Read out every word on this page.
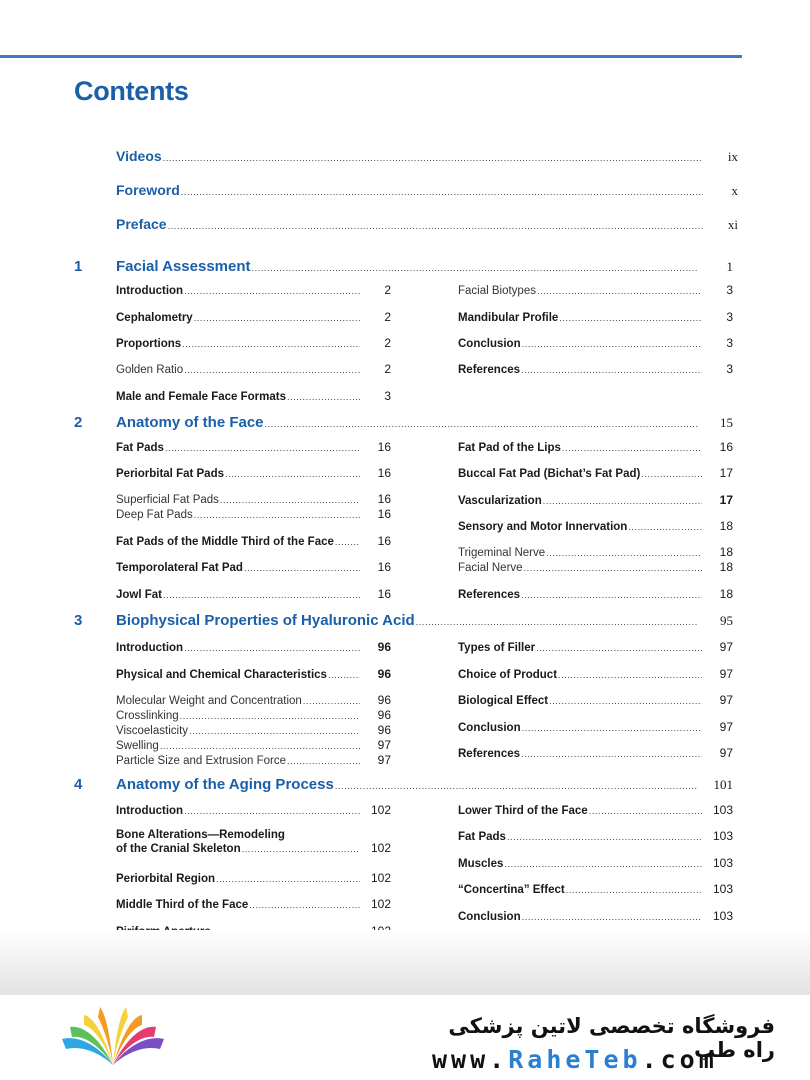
Contents
Videos .....	ix
Foreword .....	x
Preface .....	xi
1 Facial Assessment .....	1
Introduction .....	2
Cephalometry .....	2
Proportions .....	2
Golden Ratio .....	2
Male and Female Face Formats .....	3
Facial Biotypes .....	3
Mandibular Profile .....	3
Conclusion .....	3
References .....	3
2 Anatomy of the Face .....	15
Fat Pads .....	16
Periorbital Fat Pads .....	16
Superficial Fat Pads .....	16
Deep Fat Pads .....	16
Fat Pads of the Middle Third of the Face .....	16
Temporolateral Fat Pad .....	16
Jowl Fat .....	16
Fat Pad of the Lips .....	16
Buccal Fat Pad (Bichat’s Fat Pad) .....	17
Vascularization .....	17
Sensory and Motor Innervation .....	18
Trigeminal Nerve .....	18
Facial Nerve .....	18
References .....	18
3 Biophysical Properties of Hyaluronic Acid .....	95
Introduction .....	96
Physical and Chemical Characteristics .....	96
Molecular Weight and Concentration .....	96
Crosslinking .....	96
Viscoelasticity .....	96
Swelling .....	97
Particle Size and Extrusion Force .....	97
Types of Filler .....	97
Choice of Product .....	97
Biological Effect .....	97
Conclusion .....	97
References .....	97
4 Anatomy of the Aging Process .....	101
Introduction .....	102
Bone Alterations—Remodeling
of the Cranial Skeleton .....	102
Periorbital Region .....	102
Middle Third of the Face .....	102
.....
Lower Third of the Face .....	103
Fat Pads .....	103
Muscles .....	103
“Concertina” Effect .....	103
Conclusion .....	103
.....
فروشگاه تخصصی لاتین پزشکی راه طب
www.RaheTeb.com
